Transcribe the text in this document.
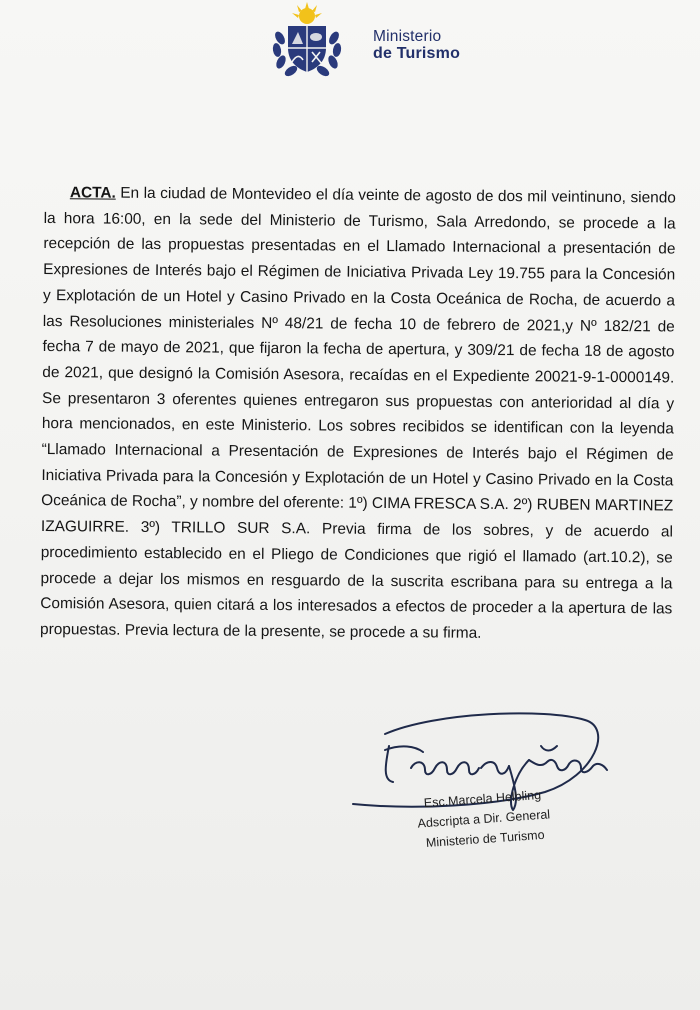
Ministerio
de Turismo

ACTA. En la ciudad de Montevideo el día veinte de agosto de dos mil veintinuno, siendo la hora 16:00, en la sede del Ministerio de Turismo, Sala Arredondo, se procede a la recepción de las propuestas presentadas en el Llamado Internacional a presentación de Expresiones de Interés bajo el Régimen de Iniciativa Privada Ley 19.755 para la Concesión y Explotación de un Hotel y Casino Privado en la Costa Oceánica de Rocha, de acuerdo a las Resoluciones ministeriales Nº 48/21 de fecha 10 de febrero de 2021,y Nº 182/21 de fecha 7 de mayo de 2021, que fijaron la fecha de apertura, y 309/21 de fecha 18 de agosto de 2021, que designó la Comisión Asesora, recaídas en el Expediente 20021-9-1-0000149. Se presentaron 3 oferentes quienes entregaron sus propuestas con anterioridad al día y hora mencionados, en este Ministerio. Los sobres recibidos se identifican con la leyenda “Llamado Internacional a Presentación de Expresiones de Interés bajo el Régimen de Iniciativa Privada para la Concesión y Explotación de un Hotel y Casino Privado en la Costa Oceánica de Rocha”, y nombre del oferente: 1º) CIMA FRESCA S.A. 2º) RUBEN MARTINEZ IZAGUIRRE. 3º) TRILLO SUR S.A. Previa firma de los sobres, y de acuerdo al procedimiento establecido en el Pliego de Condiciones que rigió el llamado (art.10.2), se procede a dejar los mismos en resguardo de la suscrita escribana para su entrega a la Comisión Asesora, quien citará a los interesados a efectos de proceder a la apertura de las propuestas. Previa lectura de la presente, se procede a su firma.

Esc.Marcela Helbling
Adscripta a Dir. General
Ministerio de Turismo
